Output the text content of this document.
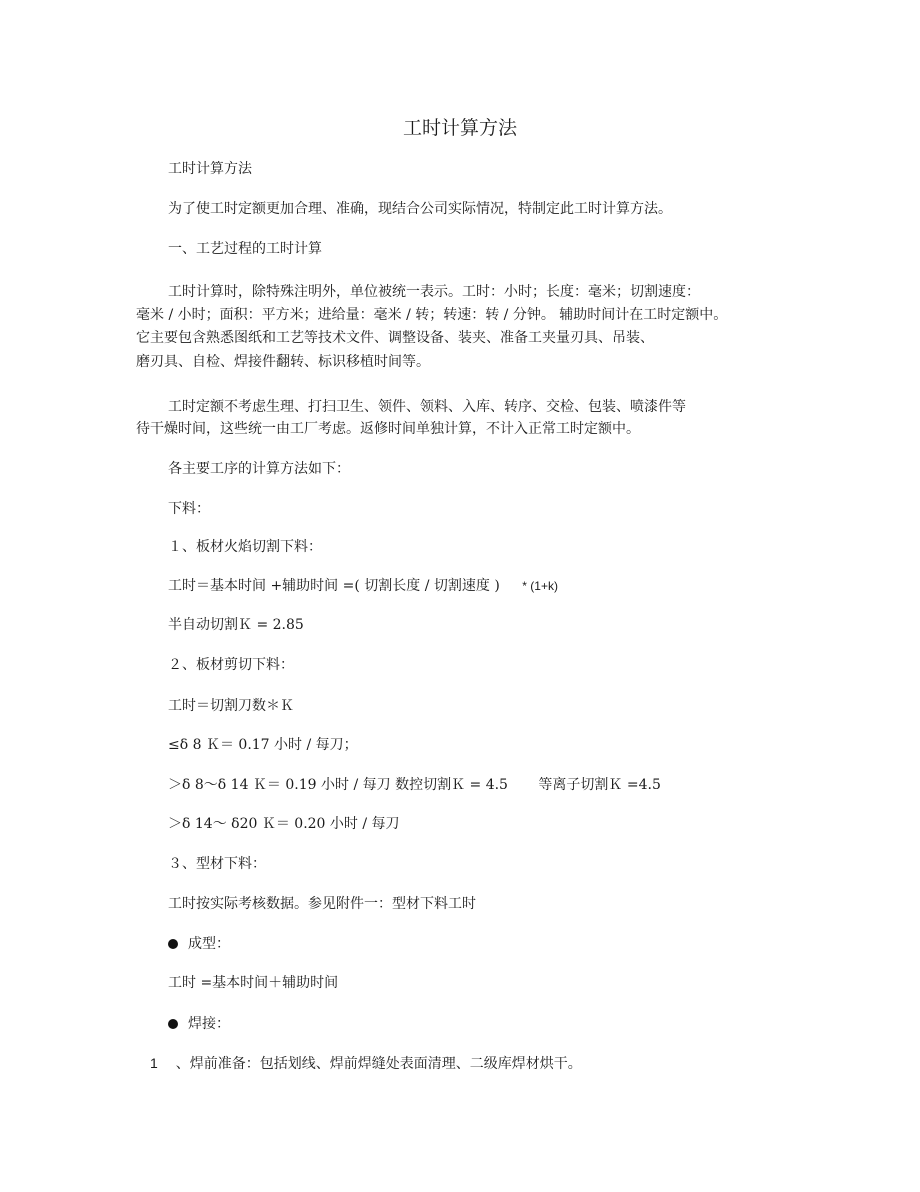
工时计算方法
工时计算方法
为了使工时定额更加合理、准确，现结合公司实际情况，特制定此工时计算方法。
一、工艺过程的工时计算
工时计算时，除特殊注明外，单位被统一表示。工时：小时；长度：毫米；切割速度：
毫米 / 小时；面积：平方米；进给量：毫米 / 转；转速：转 / 分钟。 辅助时间计在工时定额中。
它主要包含熟悉图纸和工艺等技术文件、调整设备、装夹、准备工夹量刃具、吊装、
磨刃具、自检、焊接件翻转、标识移植时间等。
工时定额不考虑生理、打扫卫生、领件、领料、入库、转序、交检、包装、喷漆件等
待干燥时间，这些统一由工厂考虑。返修时间单独计算，不计入正常工时定额中。
各主要工序的计算方法如下：
下料：
１、板材火焰切割下料：
工时＝基本时间 +辅助时间 =( 切割长度 / 切割速度 ) * (1+k)
半自动切割Ｋ = 2.85
２、板材剪切下料：
工时＝切割刀数＊Ｋ
≤δ 8 Ｋ＝ 0.17 小时 / 每刀；
＞δ 8～δ 14 Ｋ＝ 0.19 小时 / 每刀 数控切割Ｋ = 4.5 等离子切割Ｋ =4.5
＞δ 14～ δ20 Ｋ＝ 0.20 小时 / 每刀
３、型材下料：
工时按实际考核数据。参见附件一：型材下料工时
成型：
工时 =基本时间＋辅助时间
焊接：
1 、焊前准备：包括划线、焊前焊缝处表面清理、二级库焊材烘干。
